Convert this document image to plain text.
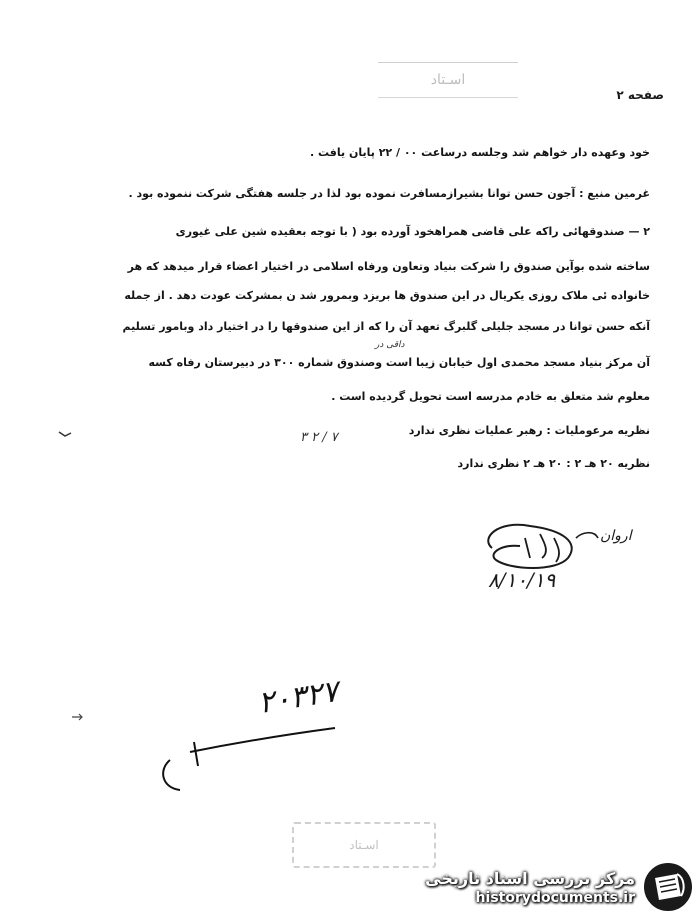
اسـتاد
صفحه ۲
خود وعهده دار خواهم شد وجلسه درساعت ۰۰ / ۲۲ پایان یافت .
غرمین منیع : آجون حسن توانا بشیرازمسافرت نموده بود لذا در جلسه هفتگی شرکت ننموده بود .
۲ — صندوقهائی راکه علی قاضی همراهخود آورده بود ( با توجه بعقیده شین علی غیوری
ساخته شده بوآین صندوق را شرکت بنیاد وتعاون ورفاه اسلامی در اختیار اعضاء قرار میدهد که هر
خانواده ئی ملاک روزی یکریال در این صندوق ها بریزد وبمرور شد ن بمشرکت عودت دهد . از جمله
آنکه حسن توانا در مسجد جلیلی گلبرگ تعهد آن را که از این صندوقها را در اختیار داد وبامور تسلیم
داقی در
آن مرکز بنیاد مسجد محمدی اول خیابان زیبا است وصندوق شماره ۳۰۰ در دبیرستان رفاه کسه
معلوم شد متعلق به خادم مدرسه است تحویل گردیده است .
نظریه مرعوملیات : رهبر عملیات نظری ندارد
۳ ۲ / ۷
نظریه ۲۰ هـ ۲ : ۲۰ هـ ۲ نظری ندارد
اروان
۸/۱۰/۱۹
۲۰۳۲۷
اسـتاد
مرکز بررسی اسناد تاریخی
historydocuments.ir
